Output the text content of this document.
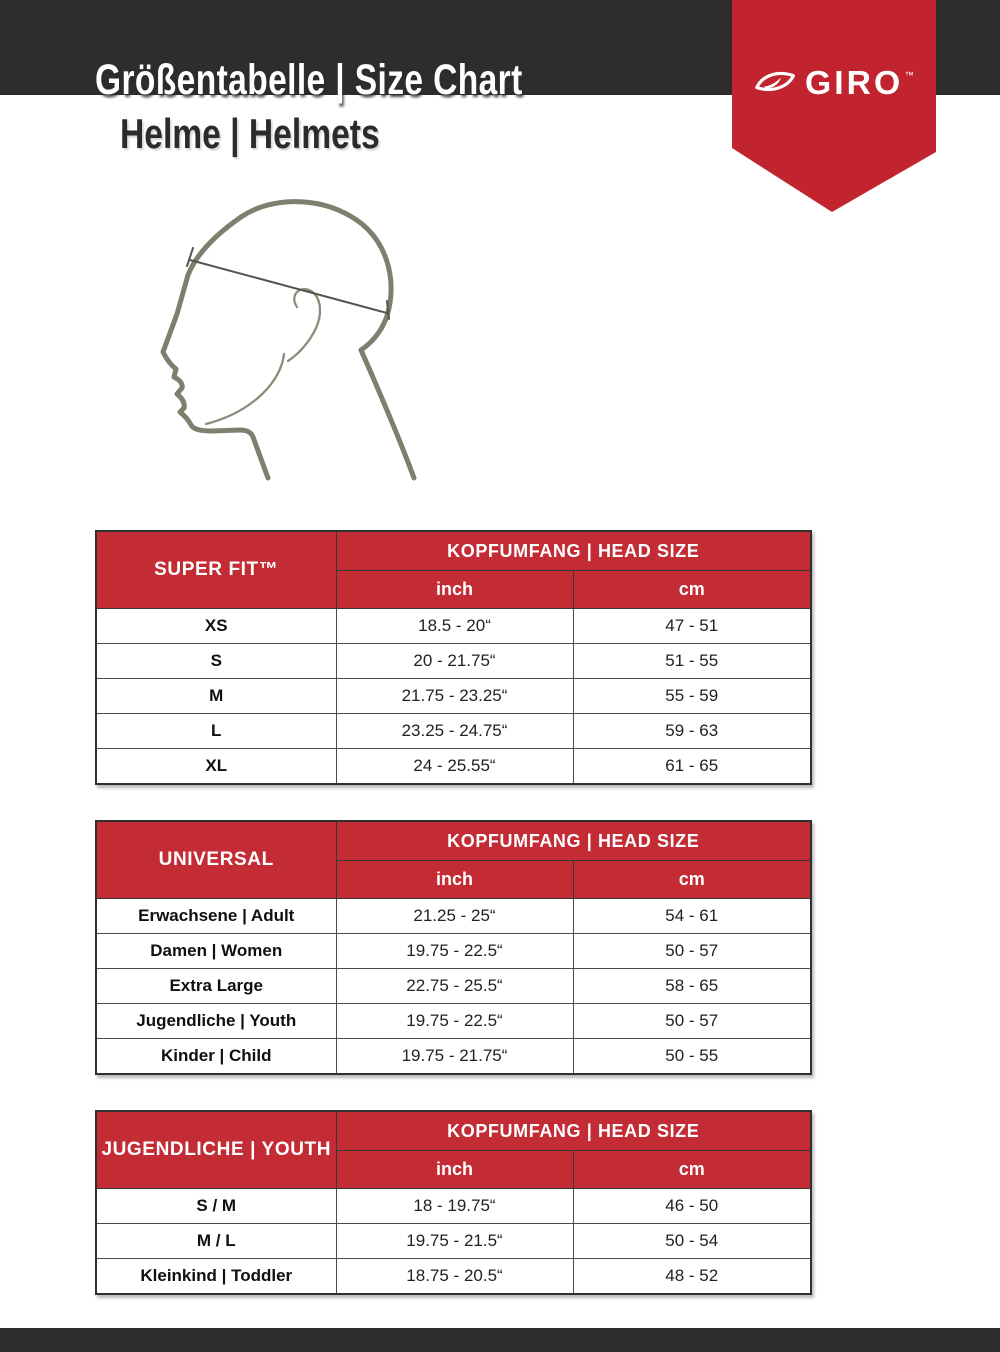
Größentabelle | Size Chart
Helme | Helmets
GIRO ™
SUPER FIT™	KOPFUMFANG | HEAD SIZE	
	inch	cm
XS	18.5 - 20“	47 - 51
S	20 - 21.75“	51 - 55
M	21.75 - 23.25“	55 - 59
L	23.25 - 24.75“	59 - 63
XL	24 - 25.55“	61 - 65
UNIVERSAL	KOPFUMFANG | HEAD SIZE	
	inch	cm
Erwachsene | Adult	21.25 - 25“	54 - 61
Damen | Women	19.75 - 22.5“	50 - 57
Extra Large	22.75 - 25.5“	58 - 65
Jugendliche | Youth	19.75 - 22.5“	50 - 57
Kinder | Child	19.75 - 21.75“	50 - 55
JUGENDLICHE | YOUTH	KOPFUMFANG | HEAD SIZE	
	inch	cm
S / M	18 - 19.75“	46 - 50
M / L	19.75 - 21.5“	50 - 54
Kleinkind | Toddler	18.75 - 20.5“	48 - 52
